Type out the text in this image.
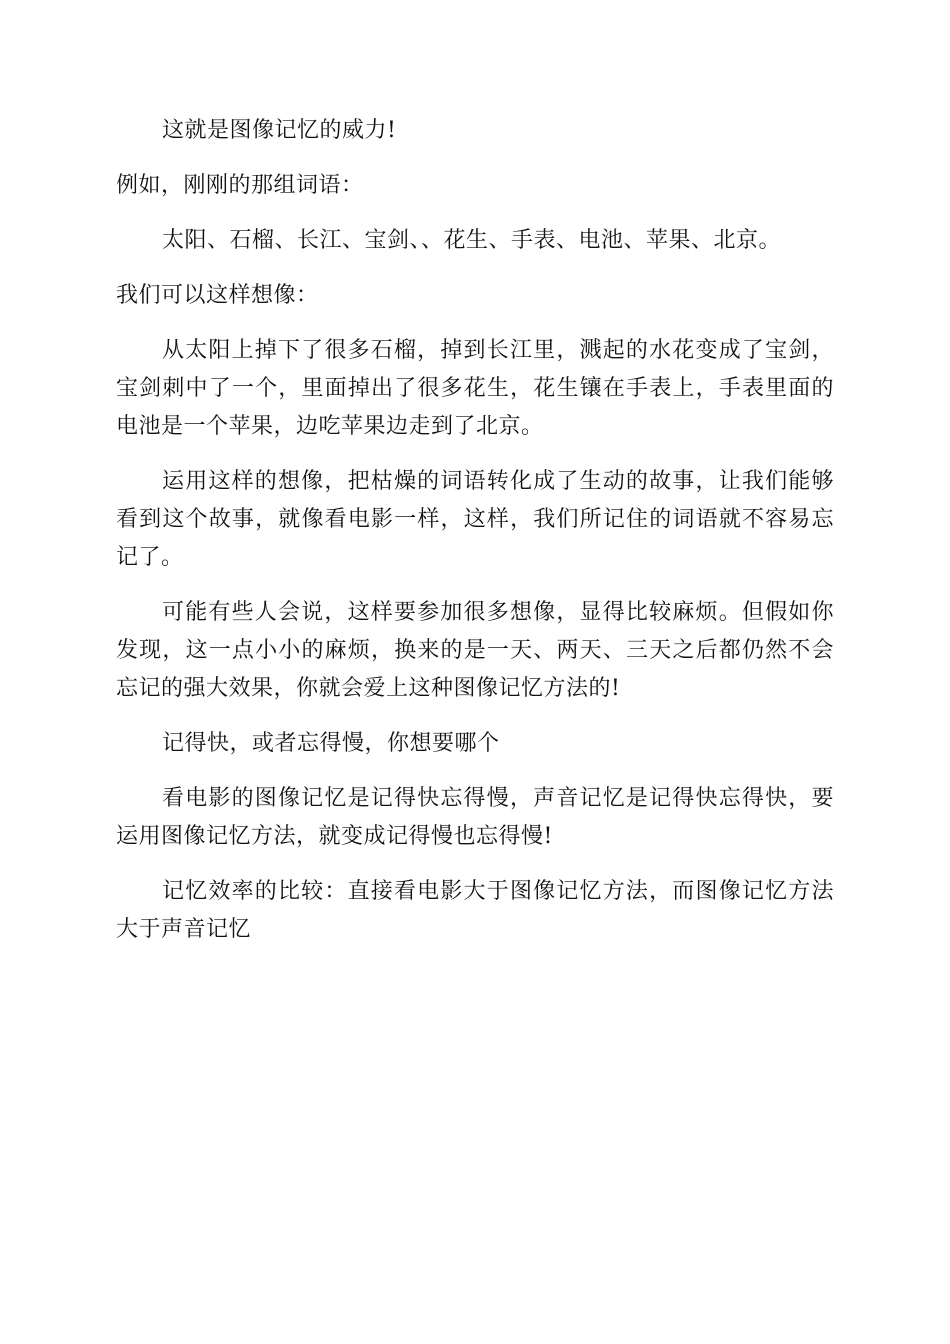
这就是图像记忆的威力!

例如，刚刚的那组词语：

太阳、石榴、长江、宝剑、、花生、手表、电池、苹果、北京。

我们可以这样想像：

从太阳上掉下了很多石榴，掉到长江里，溅起的水花变成了宝剑，宝剑刺中了一个，里面掉出了很多花生，花生镶在手表上，手表里面的电池是一个苹果，边吃苹果边走到了北京。

运用这样的想像，把枯燥的词语转化成了生动的故事，让我们能够看到这个故事，就像看电影一样，这样，我们所记住的词语就不容易忘记了。

可能有些人会说，这样要参加很多想像，显得比较麻烦。但假如你发现，这一点小小的麻烦，换来的是一天、两天、三天之后都仍然不会忘记的强大效果，你就会爱上这种图像记忆方法的!

记得快，或者忘得慢，你想要哪个

看电影的图像记忆是记得快忘得慢，声音记忆是记得快忘得快，要运用图像记忆方法，就变成记得慢也忘得慢!

记忆效率的比较：直接看电影大于图像记忆方法，而图像记忆方法大于声音记忆
